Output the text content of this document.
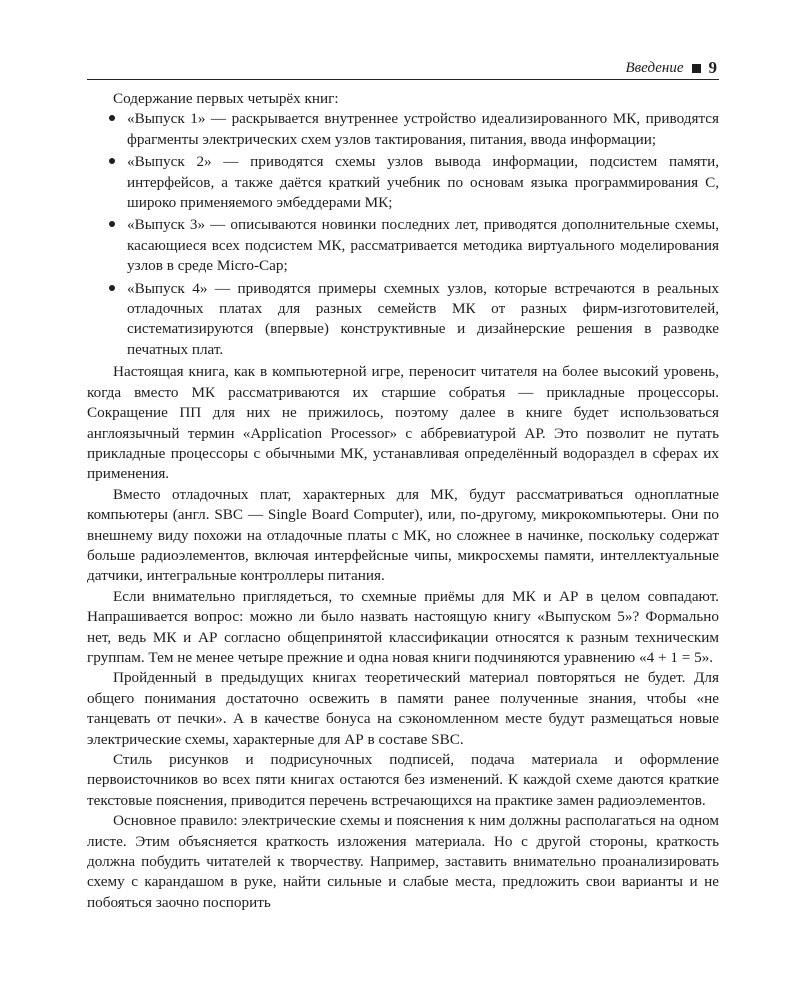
Введение 9

Содержание первых четырёх книг:

«Выпуск 1» — раскрывается внутреннее устройство идеализированного МК, приводятся фрагменты электрических схем узлов тактирования, питания, ввода информации;
«Выпуск 2» — приводятся схемы узлов вывода информации, подсистем памяти, интерфейсов, а также даётся краткий учебник по основам языка программирования С, широко применяемого эмбеддерами МК;
«Выпуск 3» — описываются новинки последних лет, приводятся дополнительные схемы, касающиеся всех подсистем МК, рассматривается методика виртуального моделирования узлов в среде Micro-Cap;
«Выпуск 4» — приводятся примеры схемных узлов, которые встречаются в реальных отладочных платах для разных семейств МК от разных фирм-изготовителей, систематизируются (впервые) конструктивные и дизайнерские решения в разводке печатных плат.

Настоящая книга, как в компьютерной игре, переносит читателя на более высокий уровень, когда вместо МК рассматриваются их старшие собратья — прикладные процессоры. Сокращение ПП для них не прижилось, поэтому далее в книге будет использоваться англоязычный термин «Application Processor» с аббревиатурой АР. Это позволит не путать прикладные процессоры с обычными МК, устанавливая определённый водораздел в сферах их применения.

Вместо отладочных плат, характерных для МК, будут рассматриваться одноплатные компьютеры (англ. SBC — Single Board Computer), или, по-другому, микрокомпьютеры. Они по внешнему виду похожи на отладочные платы с МК, но сложнее в начинке, поскольку содержат больше радиоэлементов, включая интерфейсные чипы, микросхемы памяти, интеллектуальные датчики, интегральные контроллеры питания.

Если внимательно приглядеться, то схемные приёмы для МК и АР в целом совпадают. Напрашивается вопрос: можно ли было назвать настоящую книгу «Выпуском 5»? Формально нет, ведь МК и АР согласно общепринятой классификации относятся к разным техническим группам. Тем не менее четыре прежние и одна новая книги подчиняются уравнению «4 + 1 = 5».

Пройденный в предыдущих книгах теоретический материал повторяться не будет. Для общего понимания достаточно освежить в памяти ранее полученные знания, чтобы «не танцевать от печки». А в качестве бонуса на сэкономленном месте будут размещаться новые электрические схемы, характерные для АР в составе SBC.

Стиль рисунков и подрисуночных подписей, подача материала и оформление первоисточников во всех пяти книгах остаются без изменений. К каждой схеме даются краткие текстовые пояснения, приводится перечень встречающихся на практике замен радиоэлементов.

Основное правило: электрические схемы и пояснения к ним должны располагаться на одном листе. Этим объясняется краткость изложения материала. Но с другой стороны, краткость должна побудить читателей к творчеству. Например, заставить внимательно проанализировать схему с карандашом в руке, найти сильные и слабые места, предложить свои варианты и не побояться заочно поспорить
